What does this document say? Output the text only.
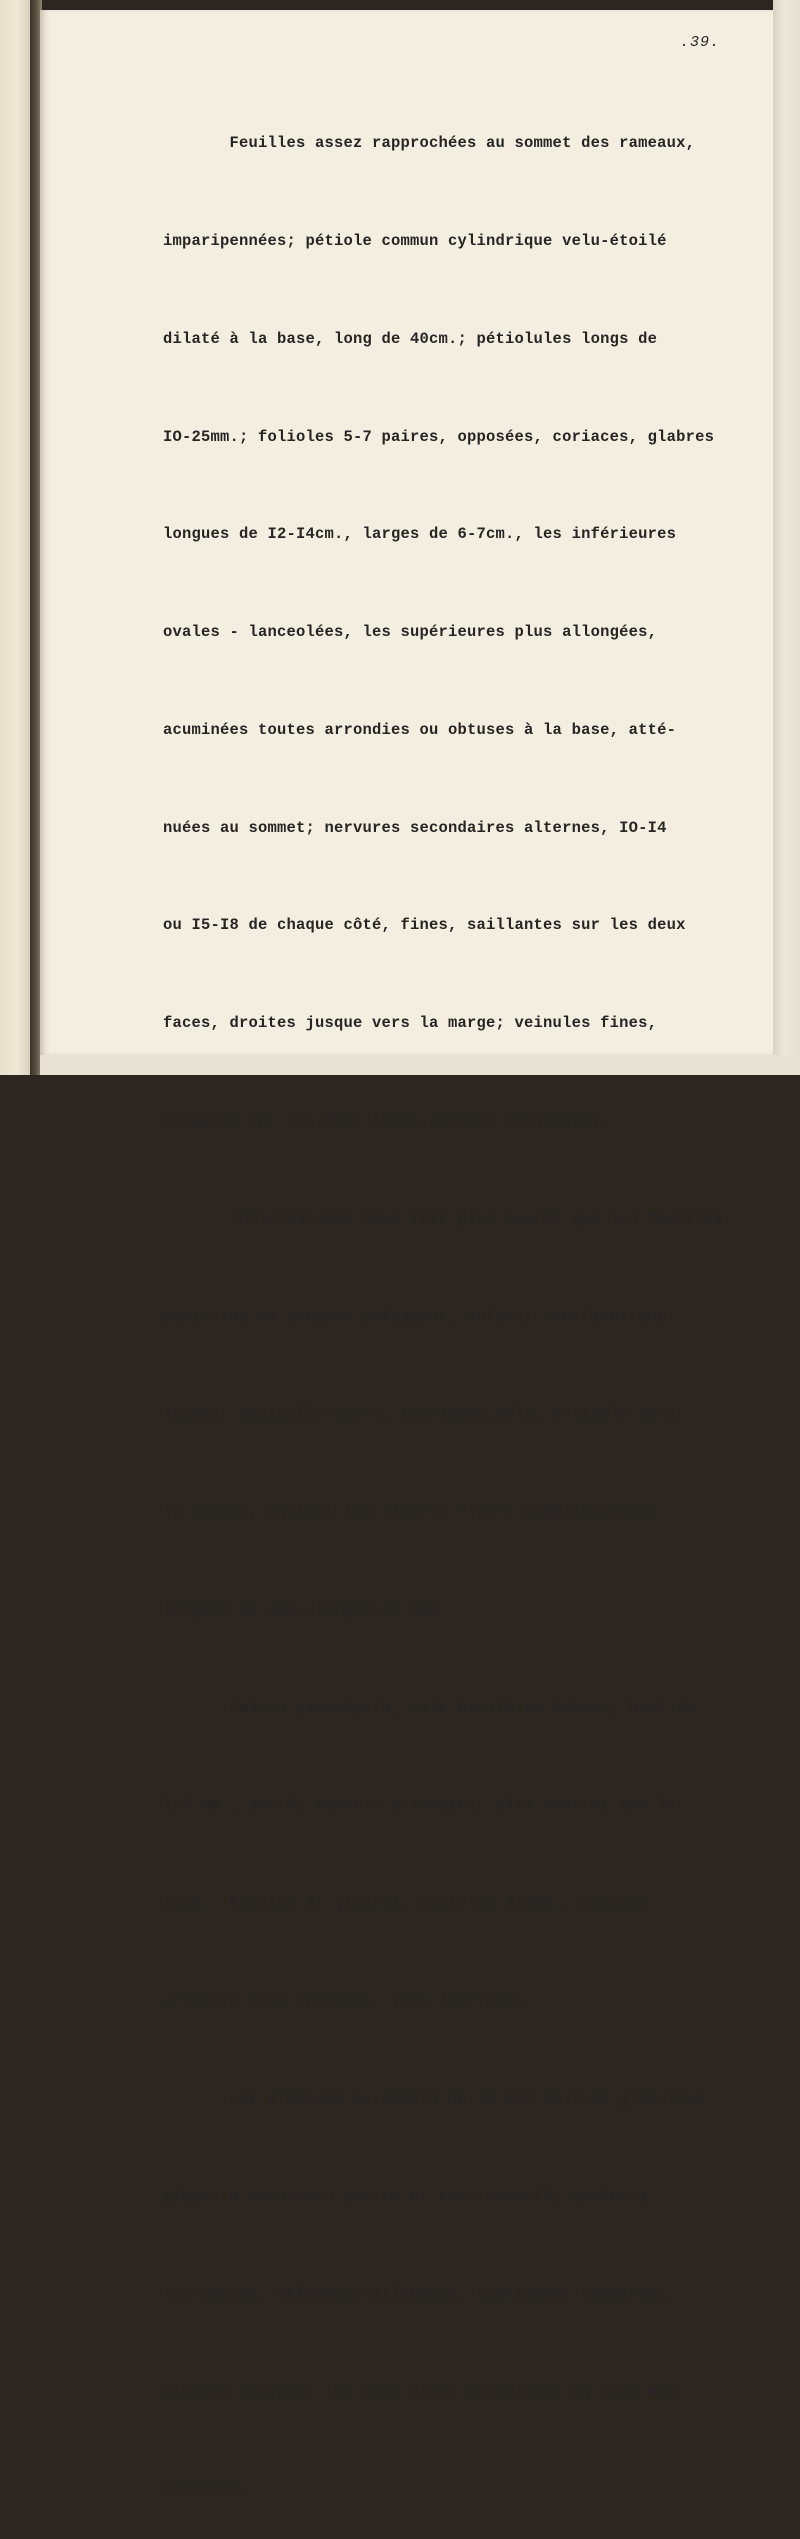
.39.

Feuilles assez rapprochées au sommet des rameaux,

imparipennées; pétiole commun cylindrique velu-étoilé

dilaté à la base, long de 40cm.; pétiolules longs de

IO-25mm.; folioles 5-7 paires, opposées, coriaces, glabres

longues de I2-I4cm., larges de 6-7cm., les inférieures

ovales - lanceolées, les supérieures plus allongées,

acuminées toutes arrondies ou obtuses à la base, atté-

nuées au sommet; nervures secondaires alternes, IO-I4

ou I5-I8 de chaque côté, fines, saillantes sur les deux

faces, droites jusque vers la marge; veinules fines,

visibles sur les deux faces surtout en dessous.

Inflorescence deux fois plus courte que les feuilles

panicules ou grappes polygames, velues; ramifications

lâches; pédicelle court, tétragone,velu, articulé vers

le sommet, égalant les fleurs; fleurs subglobuleuses

longues de 4mm.,larges de 3mm.

Calice gamosépale, velu étoilé en dehors, haut de

I,5 mm., denté; dents 4 arrondies, plus courtes que le

tube.  Petales 3, glabres, hauts de 3,3mm., oblongs

arrondis très concaves, très imbriqués.

Les étamines au nombre de IO ont un tube globuleux

glabre à ouverture petite et bord crenelé; anthères

tétragones, oblongues allongées, courtement acuminées,

glabres occupant les deux tiers supérieurs du tube non

exsertes.
